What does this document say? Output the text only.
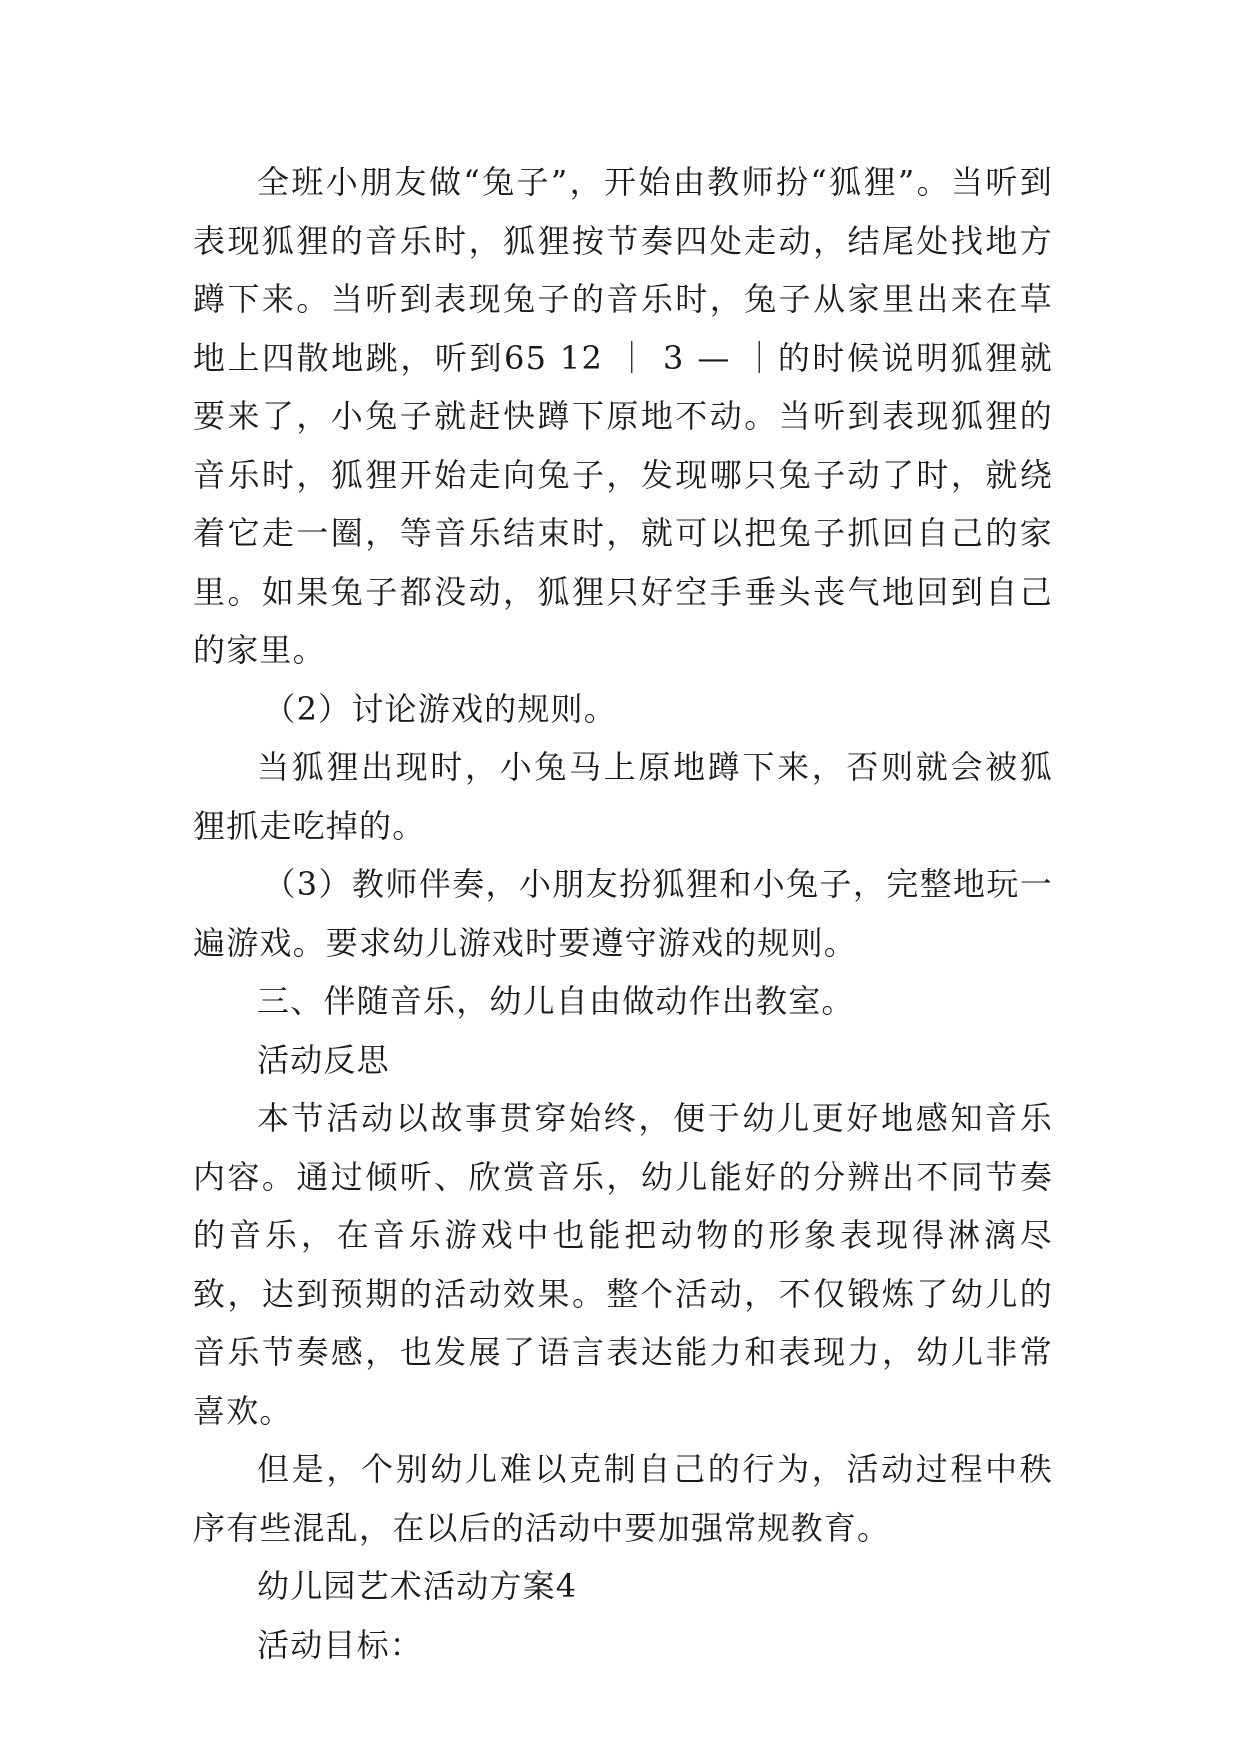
全班小朋友做“兔子”，开始由教师扮“狐狸”。当听到表现狐狸的音乐时，狐狸按节奏四处走动，结尾处找地方蹲下来。当听到表现兔子的音乐时，兔子从家里出来在草地上四散地跳，听到65 12 ｜ 3 — ｜的时候说明狐狸就要来了，小兔子就赶快蹲下原地不动。当听到表现狐狸的音乐时，狐狸开始走向兔子，发现哪只兔子动了时，就绕着它走一圈，等音乐结束时，就可以把兔子抓回自己的家里。如果兔子都没动，狐狸只好空手垂头丧气地回到自己的家里。

（2）讨论游戏的规则。

当狐狸出现时，小兔马上原地蹲下来，否则就会被狐狸抓走吃掉的。

（3）教师伴奏，小朋友扮狐狸和小兔子，完整地玩一遍游戏。要求幼儿游戏时要遵守游戏的规则。

三、伴随音乐，幼儿自由做动作出教室。

活动反思

本节活动以故事贯穿始终，便于幼儿更好地感知音乐内容。通过倾听、欣赏音乐，幼儿能好的分辨出不同节奏的音乐，在音乐游戏中也能把动物的形象表现得淋漓尽致，达到预期的活动效果。整个活动，不仅锻炼了幼儿的音乐节奏感，也发展了语言表达能力和表现力，幼儿非常喜欢。

但是，个别幼儿难以克制自己的行为，活动过程中秩序有些混乱，在以后的活动中要加强常规教育。

幼儿园艺术活动方案4

活动目标：
